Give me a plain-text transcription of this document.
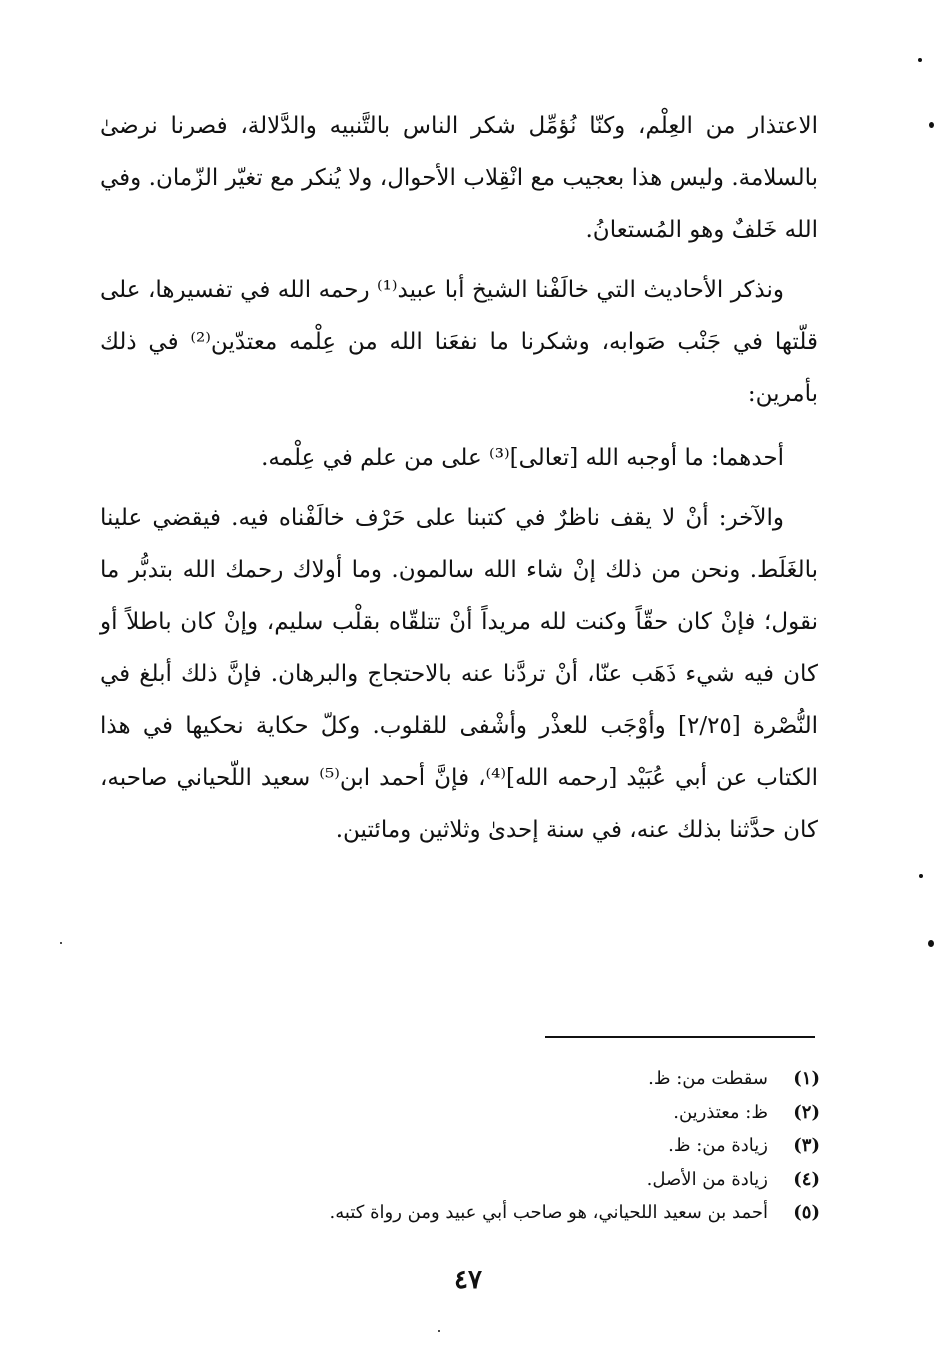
الاعتذار من العِلْم، وكنّا نُؤمِّل شكر الناس بالتَّنبيه والدَّلالة، فصرنا نرضىٰ بالسلامة. وليس هذا بعجيب مع انْقِلاب الأحوال، ولا يُنكر مع تغيّر الزّمان. وفي الله خَلفٌ وهو المُستعانُ.

ونذكر الأحاديث التي خالَفْنا الشيخ أبا عبيد⁽¹⁾ رحمه الله في تفسيرها، على قلّتها في جَنْب صَوابه، وشكرنا ما نفعَنا الله من عِلْمه معتدّين⁽²⁾ في ذلك بأمرين:

أحدهما: ما أوجبه الله [تعالى]⁽³⁾ على من علم في عِلْمه.

والآخر: أنْ لا يقف ناظرٌ في كتبنا على حَرْف خالَفْناه فيه. فيقضي علينا بالغَلَط. ونحن من ذلك إنْ شاء الله سالمون. وما أولاك رحمك الله بتدبُّر ما نقول؛ فإنْ كان حقّاً وكنت لله مريداً أنْ تتلقّاه بقلْب سليم، وإنْ كان باطلاً أو كان فيه شيء ذَهَب عنّا، أنْ تردَّنا عنه بالاحتجاج والبرهان. فإنَّ ذلك أبلغ في النُّصْرة [٢/٢٥] وأوْجَب للعذْر وأشْفى للقلوب. وكلّ حكاية نحكيها في هذا الكتاب عن أبي عُبَيْد [رحمه الله]⁽⁴⁾، فإنَّ أحمد ابن⁽⁵⁾ سعيد اللّحياني صاحبه، كان حدَّثنا بذلك عنه، في سنة إحدىٰ وثلاثين ومائتين.

(١)سقطت من: ظ.
(٢)ظ: معتذرين.
(٣)زيادة من: ظ.
(٤)زيادة من الأصل.
(٥)أحمد بن سعيد اللحياني، هو صاحب أبي عبيد ومن رواة كتبه.
٤٧
